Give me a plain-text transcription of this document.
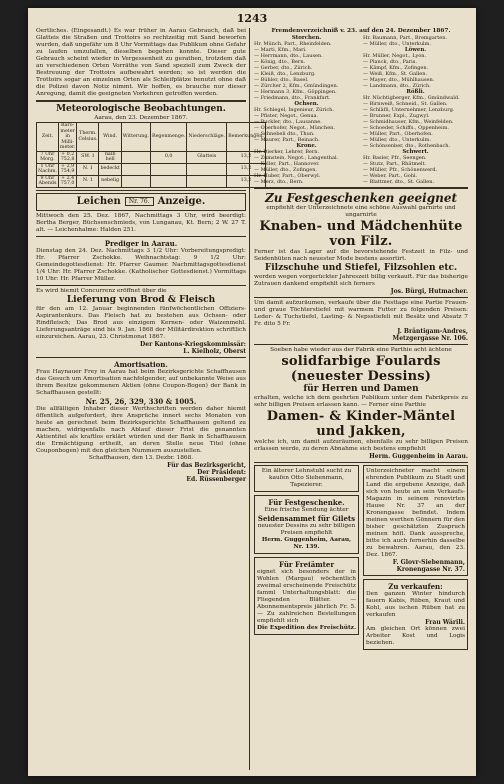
1243

Oertliches. (Eingesandt.) Es war früher in Aarau Gebrauch, daß bei Glatteis die Straßen und Trottoirs so rechtzeitig mit Sand beworfen wurden, daß ungefähr um 8 Uhr Vormittags das Publikum ohne Gefahr zu laufen umzufallen, dieselben begehen konnte. Dieser gute Gebrauch scheint wieder in Vergessenheit zu gerathen, trotzdem daß an verschiedenen Orten Vorräthe von Sand speziell zum Zweck der Bestreuung der Trottoirs aufbewahrt werden; so ist werden die Trottoirs sogar an einzelnen Orten als Schleifplätze benutzt ohne daß die Polizei davon Notiz nimmt. Wir hoffen, es brauche nur dieser Anregung, damit die geeigneten Vorkehren getroffen werden.

Meteorologische Beobachtungen.
Aarau, den 23. Dezember 1867.
Zeit.	Baro-meter in Milli-meter.	Therm. Celsius.	Wind.	Witterung.	Regenmenge.	Niederschläge.	Bemerkungen.
7 Uhr Morg.	+ 0,2 752,8	SW. 1	halb hell		0,0	Glatteis	13,2
1 Uhr Nachm.	+ 2,9 754,9	N. 1	bedeckt				13,2
9 Uhr Abends	+ 2,4 757,0	N. 1	nebelig				13,2
Leichen	Nr. 76. Anzeige.

Mittwoch den 25. Dez. 1867, Nachmittags 3 Uhr, wird beerdigt: Bertha Berger, Büchsenschmieds, von Lunganau, Kt. Bern; 2 W. 27 T. alt. — Leichenhalme: Halden 251.

Prediger in Aarau.

Dienstag den 24. Dez. Nachmittags 3 1/2 Uhr: Vorbereitungspredigt: Hr. Pfarrer Zschokke. Weihnachtstag: 9 1/2 Uhr: Gemeindegottesdienst: Hr. Pfarrer Gaumer. Nachmittagsgottesdienst 1/4 Uhr: Hr. Pfarrer Zschokke. (Katholischer Gottesdienst.) Vormittags 10 Uhr: Hr. Pfarrer Müller.

Es wird hiemit Concurrenz eröffnet über die

Lieferung von Brod & Fleisch

für den am 12. Januar beginnenden fünfwöchentlichen Offiziers-Aspirantenkurs. Das Fleisch hat zu bestehen aus Ochsen- oder Rindfleisch; Das Brod aus einzigem Kernen- oder Waizenmehl. Lieferungsanträge sind bis 9. Jan. 1868 der Militärdirektion schriftlich einzureichen. Aarau, 23. Christmonat 1867.

Der Kantons-Kriegskommissär:
L. Kielholz, Oberst
Amortisation.

Frau Haynauer Frey in Aarau hat beim Bezirksgerichte Schaffhausen das Gesuch um Amortisation nachfolgender, auf unbekannte Weise aus ihrem Besitze gekommenen Aktien (ohne Coupon-Bogen) der Bank in Schaffhausen gestellt:

Nr. 25, 26, 329, 330 & 1005.

Die allfälligen Inhaber dieser Werthschriften werden daher hiemit öffentlich aufgefordert, ihre Ansprüche innert sechs Monaten von heute an gerechnet beim Bezirksgerichte Schaffhausen geltend zu machen, widrigenfalls nach Ablauf dieser Frist die genannten Aktientitel als kraftlos erklärt würden und der Bank in Schaffhausen die Ermächtigung ertheilt, an deren Stelle neue Titel (ohne Couponbogen) mit den gleichen Nummern auszustellen.

Schaffhausen, den 13. Dezbr. 1868.

Für das Bezirksgericht,
Der Präsident:
Ed. Rüssenberger
Fremdenverzeichniß v. 23. auf den 24. Dezember 1867.
Storchen.
Hr. Münch, Part., Rheinfelden.
— Marti, Kfm., Mari.
— Herrmann, dto., Lausen.
— König, dto., Bern.
— Gerber, dto., Zürich.
— Kleiß, dto., Lenzburg.
— Bühler, dto., Basel.
— Zürcher 2, Kfm., Gmündingen.
— Hermann 3, Kfm., Göppingen.
— Friedmann, dto., Frankfurt.
Ochsen.
Hr. Schlegel, Ingenieur, Zürich.
— Pfister, Negot., Genua.
— Buckler, dto., Lausanne.
— Oberhofer, Negot., München.
— Schnebeli dto., Thun.
— Maurer, Part., Reinach.
Krone.
Hr. Dierker, Lehrer, Bern.
— Zumstein, Negot., Langenthal.
— Keller, Part., Hannover.
— Müller, dto., Zofingen.
Hr. Huber, Part., Oberwyl.
— Merz, dto., Bern.
Hr. Baumann, Part., Bremgarten.
— Müller, dto., Unterkulm.
Löwen.
Hr. Müller, Negot., Lyon.
— Planck, dto., Paris.
— Kämpf, Kfm., Zofingen.
— Weiß, Kfm., St. Gallen.
— Mayer, dto., Mühlhausen.
— Landmann, dto., Zürich.
Rößli.
Hr. Nüchtigberger, Kfm., Gmündwald.
— Birnweiß, Schneid., St. Gallen.
— Schläfli, Unternehmer, Lenzburg.
— Brunner, Expl., Zugwyl.
— Schmidhauser, Kfm., Weinfelden.
— Schoeder, Schiffs., Oppenheim.
— Müller, Part., Oberhofen.
— Müller, dto., Unterkulm.
— Schönsenber, dto., Rothenbach.
Schwert.
Hr. Basler, Pfr., Seengen.
— Stutz, Part., Rhätmelt.
— Müller, Pfr., Schönenwerd.
— Weber, Part., Gohl.
— Blattmer, dto., St. Gallen.
Zu Festgeschenken geeignet

empfiehlt der Unterzeichnete eine schöne Auswahl garnirte und ungarnirte

Knaben- und Mädchenhüte von Filz.

Ferner ist das Lager auf die bevorstehende Festzeit in Filz- und Seidenhüten nach neuester Mode bestens assortirt.

Filzschuhe und Stiefel, Filzsohlen etc.

werden wegen vorgerückter Jahreszeit billig verkauft. Für das bisherige Zutrauen dankend empfiehlt sich ferners

Jos. Bürgi, Hutmacher.

Um damit aufzuräumen, verkaufe über die Festtage eine Partie Frauen- und graue Töchterstiefel mit warmem Futter zu folgenden Preisen: Leder- & Tuchstiefel, Lasting- & Nepsstiefeli mit Besätz und Absatz 7 Fr. dito 5 Fr.

J. Bräntigam-Andres,
Metzgergasse Nr. 106.

Soeben habe wieder aus der Fabrik eine Parthie acht ächtene

solidfarbige Foulards (neuester Dessins)
für Herren und Damen

erhalten, welche ich dem geehrten Publikum unter dem Fabrikpreis zu sehr billigen Preisen erlassen kann. — Ferner eine Parthie

Damen- & Kinder-Mäntel und Jakken,

welche ich, um damit aufzuräumen, ebenfalls zu sehr billigen Preisen erlassen werde, zu deren Abnahme sich bestens empfiehlt

Herm. Guggenheim in Aarau.

Ein älterer Lehnstuhl sucht zu kaufen Otto Siebenmann, Tapezierer.

Für Festgeschenke.

Eine frische Sendung ächter

Seidensammet für Gilets

neuester Dessins zu sehr billigen Preisen empfiehlt

Herm. Guggenheim, Aarau, Nr. 139.

Für Freiämter

eignet sich besonders der in Wohlen (Margau) wöchentlich zweimal erscheinende Freischütz famml Unterhaltungsblatt: die Fliegenden Blätter. — Abonnementspreis jährlich Fr. 5. — Zu zahlreichen Bestellungen empfiehlt sich

Die Expedition des Freischütz.

Unterzeichneter macht einem ehrenden Publikum zu Stadt und Land die ergebene Anzeige, daß sich von heute an sein Verkaufs-Magazin in seinem renovirten Hause Nr. 37 an der Kronengasse befindet. Indem meinen werthen Gönnern für den bisher geschätzten Zuspruch meinen höfl. Dank ausspreche, bitte ich auch fernerhin dasselbe zu bewahren. Aarau, den 23. Dez. 1867.

F. Glovr-Siebenmann,
Kronengasse Nr. 37.
Zu verkaufen:

Den ganzen Winter hindurch fauern Kabis, Rüben, Kraut und Kohl, aus ischen Rüben hat zu verkaufen

Frau Wärili.

Am gleichen Ort können zwei Arbeiter Kost und Logis beziehen.
